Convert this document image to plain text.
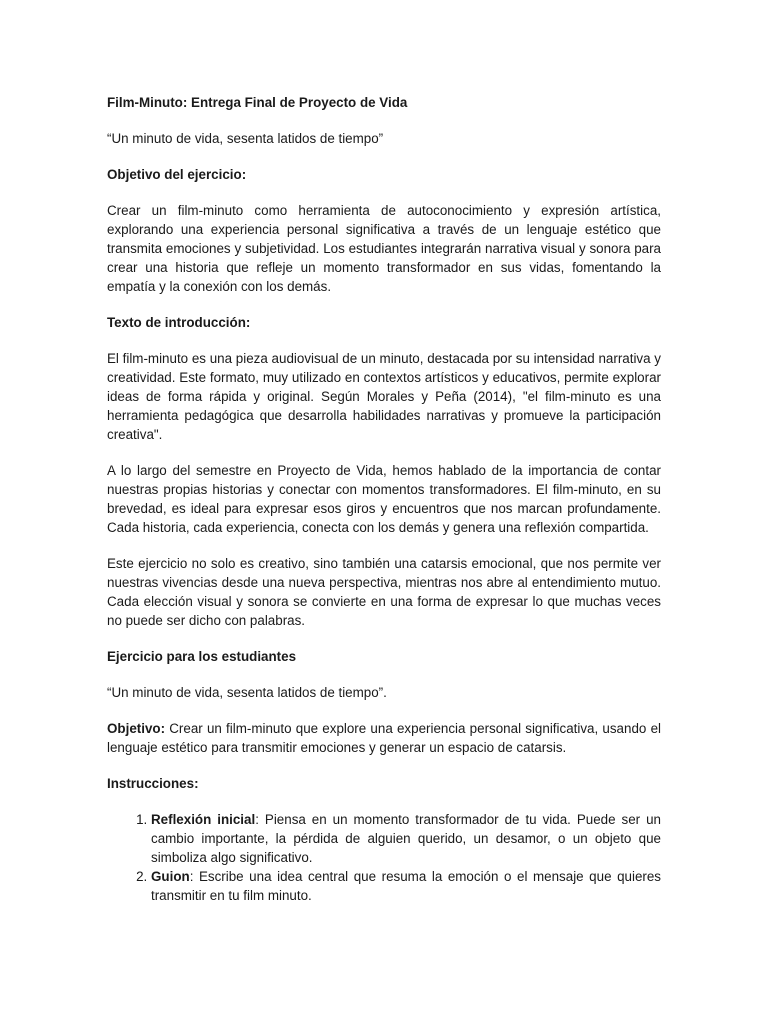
Film-Minuto: Entrega Final de Proyecto de Vida

“Un minuto de vida, sesenta latidos de tiempo”

Objetivo del ejercicio:

Crear un film-minuto como herramienta de autoconocimiento y expresión artística, explorando una experiencia personal significativa a través de un lenguaje estético que transmita emociones y subjetividad. Los estudiantes integrarán narrativa visual y sonora para crear una historia que refleje un momento transformador en sus vidas, fomentando la empatía y la conexión con los demás.

Texto de introducción:

El film-minuto es una pieza audiovisual de un minuto, destacada por su intensidad narrativa y creatividad. Este formato, muy utilizado en contextos artísticos y educativos, permite explorar ideas de forma rápida y original. Según Morales y Peña (2014), "el film-minuto es una herramienta pedagógica que desarrolla habilidades narrativas y promueve la participación creativa".

A lo largo del semestre en Proyecto de Vida, hemos hablado de la importancia de contar nuestras propias historias y conectar con momentos transformadores. El film-minuto, en su brevedad, es ideal para expresar esos giros y encuentros que nos marcan profundamente. Cada historia, cada experiencia, conecta con los demás y genera una reflexión compartida.

Este ejercicio no solo es creativo, sino también una catarsis emocional, que nos permite ver nuestras vivencias desde una nueva perspectiva, mientras nos abre al entendimiento mutuo. Cada elección visual y sonora se convierte en una forma de expresar lo que muchas veces no puede ser dicho con palabras.

Ejercicio para los estudiantes

“Un minuto de vida, sesenta latidos de tiempo”.

Objetivo: Crear un film-minuto que explore una experiencia personal significativa, usando el lenguaje estético para transmitir emociones y generar un espacio de catarsis.

Instrucciones:

1. Reflexión inicial: Piensa en un momento transformador de tu vida. Puede ser un cambio importante, la pérdida de alguien querido, un desamor, o un objeto que simboliza algo significativo.
2. Guion: Escribe una idea central que resuma la emoción o el mensaje que quieres transmitir en tu film minuto.
